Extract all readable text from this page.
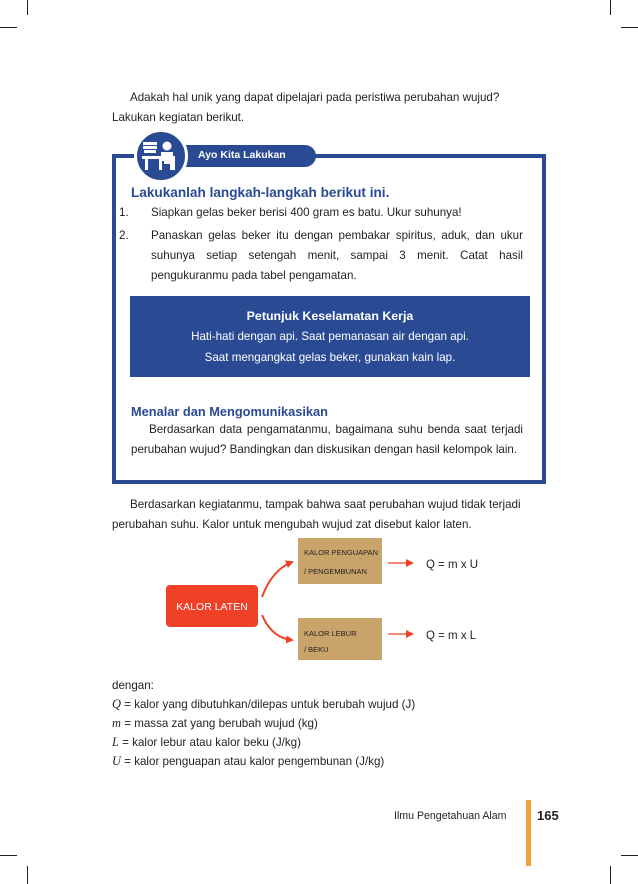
Adakah hal unik yang dapat dipelajari pada peristiwa perubahan wujud?
Lakukan kegiatan berikut.
Ayo Kita Lakukan
Lakukanlah langkah-langkah berikut ini.
1. Siapkan gelas beker berisi 400 gram es batu. Ukur suhunya!
2. Panaskan gelas beker itu dengan pembakar spiritus, aduk, dan ukur suhunya setiap setengah menit, sampai 3 menit. Catat hasil pengukuranmu pada tabel pengamatan.
Petunjuk Keselamatan Kerja
Hati-hati dengan api. Saat pemanasan air dengan api.
Saat mengangkat gelas beker, gunakan kain lap.
Menalar dan Mengomunikasikan
Berdasarkan data pengamatanmu, bagaimana suhu benda saat terjadi perubahan wujud? Bandingkan dan diskusikan dengan hasil kelompok lain.
Berdasarkan kegiatanmu, tampak bahwa saat perubahan wujud tidak terjadi
perubahan suhu. Kalor untuk mengubah wujud zat disebut kalor laten.
KALOR LATEN
KALOR PENGUAPAN
/ PENGEMBUNAN
KALOR LEBUR
/ BEKU
Q = m x U
Q = m x L
dengan:
Q = kalor yang dibutuhkan/dilepas untuk berubah wujud (J)
m = massa zat yang berubah wujud (kg)
L = kalor lebur atau kalor beku (J/kg)
U = kalor penguapan atau kalor pengembunan (J/kg)
Ilmu Pengetahuan Alam 165
